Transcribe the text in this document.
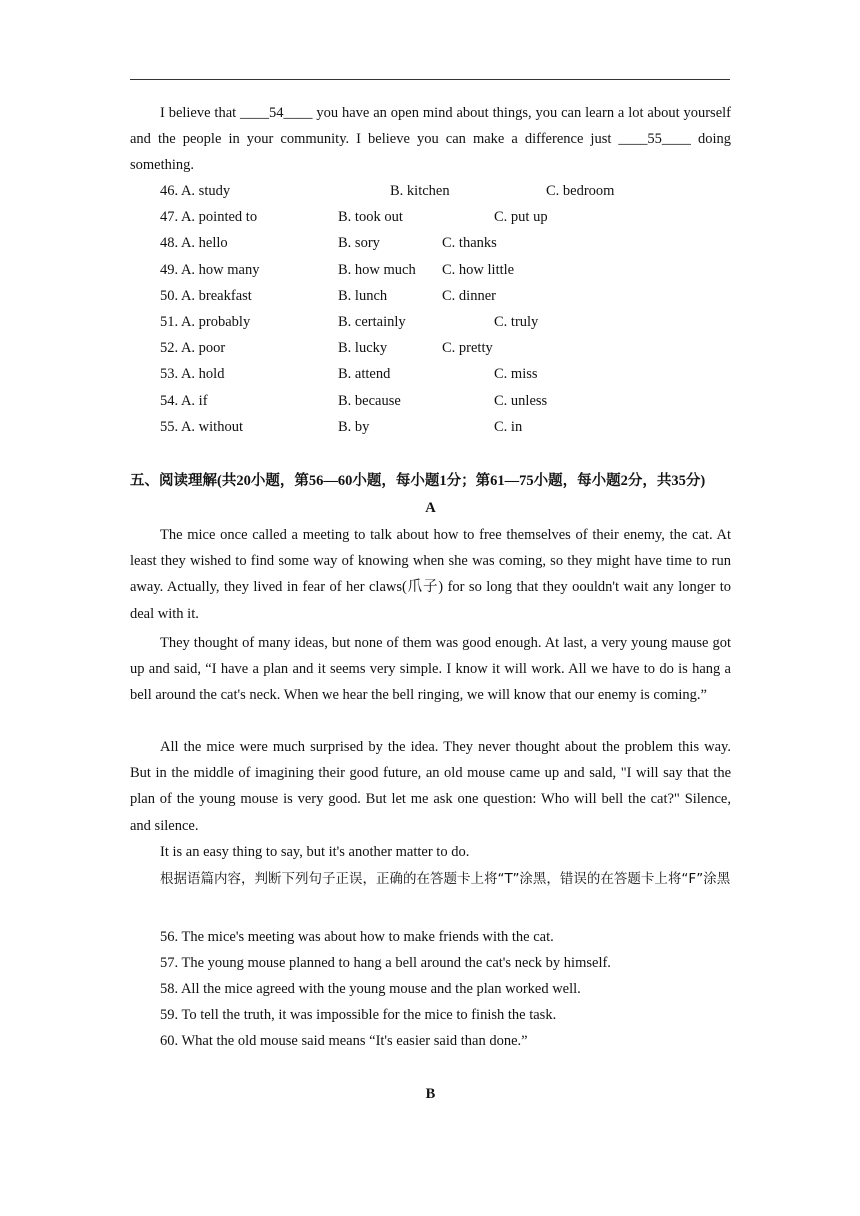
I believe that ____54____ you have an open mind about things, you can learn a lot about yourself and the people in your community. I believe you can make a difference just ____55____ doing something.

46. A. study	B. kitchen	C. bedroom
47. A. pointed to	B. took out	C. put up
48. A. hello	B. sory	C. thanks
49. A. how many	B. how much C. how little
50. A. breakfast	B. lunch	C. dinner
51. A. probably	B. certainly	C. truly
52. A. poor	B. lucky	C. pretty
53. A. hold	B. attend	C. miss
54. A. if	B. because	C. unless
55. A. without	B. by	C. in
五、阅读理解(共20小题，第56—60小题，每小题1分；第61—75小题，每小题2分，共35分)
A

The mice once called a meeting to talk about how to free themselves of their enemy, the cat. At least they wished to find some way of knowing when she was coming, so they might have time to run away. Actually, they lived in fear of her claws(爪子) for so long that they oouldn't wait any longer to deal with it.

They thought of many ideas, but none of them was good enough. At last, a very young mause got up and said, “I have a plan and it seems very simple. I know it will work. All we have to do is hang a bell around the cat's neck. When we hear the bell ringing, we will know that our enemy is coming.”

All the mice were much surprised by the idea. They never thought about the problem this way. But in the middle of imagining their good future, an old mouse came up and sald, "I will say that the plan of the young mouse is very good. But let me ask one question: Who will bell the cat?" Silence, and silence.

It is an easy thing to say, but it's another matter to do.

根据语篇内容，判断下列句子正误，正确的在答题卡上将“T”涂黑，错误的在答题卡上将“F”涂黑

56. The mice's meeting was about how to make friends with the cat.
57. The young mouse planned to hang a bell around the cat's neck by himself.
58. All the mice agreed with the young mouse and the plan worked well.
59. To tell the truth, it was impossible for the mice to finish the task.
60. What the old mouse said means “It's easier said than done.”
B
